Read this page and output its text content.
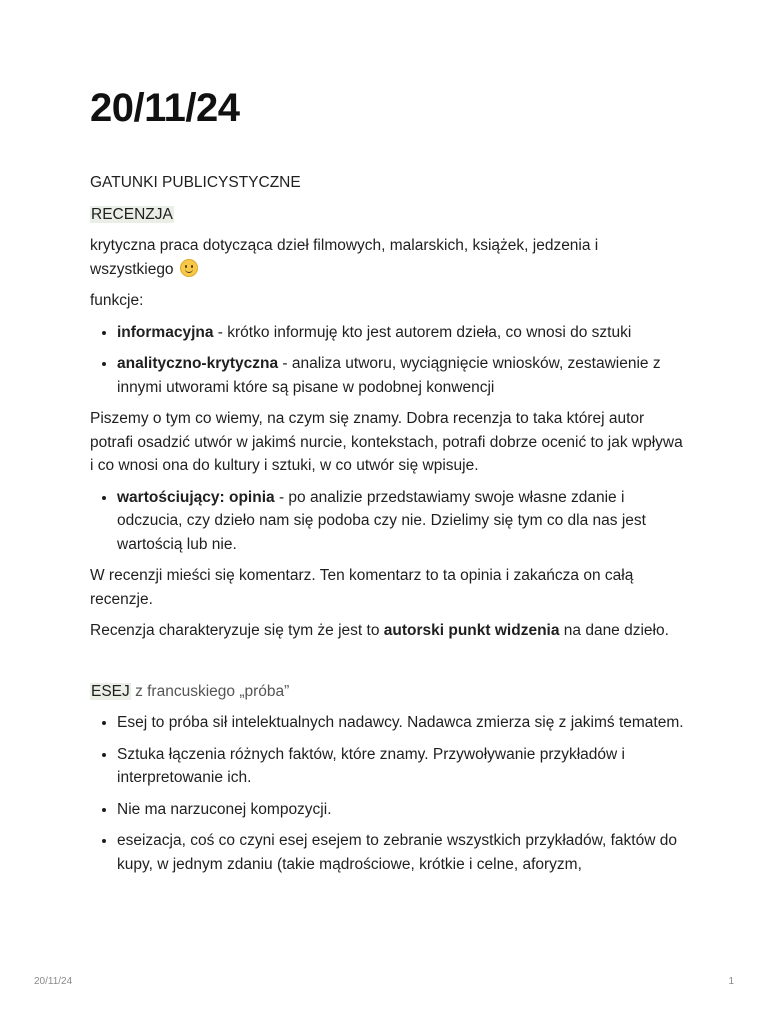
20/11/24

GATUNKI PUBLICYSTYCZNE

RECENZJA

krytyczna praca dotycząca dzieł filmowych, malarskich, książek, jedzenia i wszystkiego

funkcje:

• informacyjna - krótko informuję kto jest autorem dzieła, co wnosi do sztuki
• analityczno-krytyczna - analiza utworu, wyciągnięcie wniosków, zestawienie z innymi utworami które są pisane w podobnej konwencji

Piszemy o tym co wiemy, na czym się znamy. Dobra recenzja to taka której autor potrafi osadzić utwór w jakimś nurcie, kontekstach, potrafi dobrze ocenić to jak wpływa i co wnosi ona do kultury i sztuki, w co utwór się wpisuje.

• wartościujący: opinia - po analizie przedstawiamy swoje własne zdanie i odczucia, czy dzieło nam się podoba czy nie. Dzielimy się tym co dla nas jest wartością lub nie.

W recenzji mieści się komentarz. Ten komentarz to ta opinia i zakańcza on całą recenzje.

Recenzja charakteryzuje się tym że jest to autorski punkt widzenia na dane dzieło.

ESEJ z francuskiego „próba”

• Esej to próba sił intelektualnych nadawcy. Nadawca zmierza się z jakimś tematem.
• Sztuka łączenia różnych faktów, które znamy. Przywoływanie przykładów i interpretowanie ich.
• Nie ma narzuconej kompozycji.
• eseizacja, coś co czyni esej esejem to zebranie wszystkich przykładów, faktów do kupy, w jednym zdaniu (takie mądrościowe, krótkie i celne, aforyzm,
20/11/24	1
